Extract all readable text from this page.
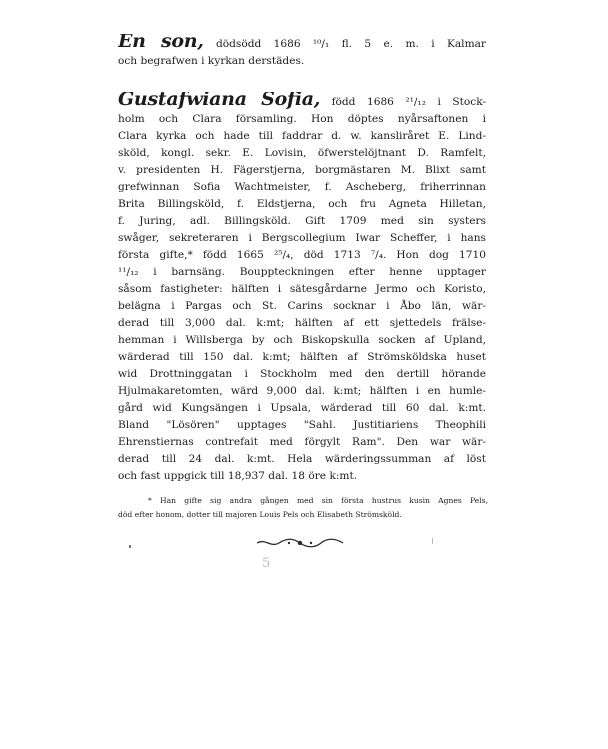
En son, dödsödd 1686 ¹⁰/₁ fl. 5 e. m. i Kalmar
och begrafwen i kyrkan derstädes.
Gustafwiana Sofia, född 1686 ²¹/₁₂ i Stock-
holm och Clara församling. Hon döptes nyårsaftonen i
Clara kyrka och hade till faddrar d. w. kansliråret E. Lind-
sköld, kongl. sekr. E. Lovisin, öfwerstelöjtnant D. Ramfelt,
v. presidenten H. Fägerstjerna, borgmästaren M. Blixt samt
grefwinnan Sofia Wachtmeister, f. Ascheberg, friherrinnan
Brita Billingsköld, f. Eldstjerna, och fru Agneta Hilletan,
f. Juring, adl. Billingsköld. Gift 1709 med sin systers
swåger, sekreteraren i Bergscollegium Iwar Scheffer, i hans
första gifte,* född 1665 ²⁵/₄, död 1713 ⁷/₄. Hon dog 1710
¹¹/₁₂ i barnsäng. Bouppteckningen efter henne upptager
såsom fastigheter: hälften i sätesgårdarne Jermo och Koristo,
belägna i Pargas och St. Carins socknar i Åbo län, wär-
derad till 3,000 dal. k:mt; hälften af ett sjettedels frälse-
hemman i Willsberga by och Biskopskulla socken af Upland,
wärderad till 150 dal. k:mt; hälften af Strömsköldska huset
wid Drottninggatan i Stockholm med den dertill hörande
Hjulmakaretomten, wärd 9,000 dal. k:mt; hälften i en humle-
gård wid Kungsängen i Upsala, wärderad till 60 dal. k:mt.
Bland "Lösören" upptages "Sahl. Justitiariens Theophili
Ehrenstiernas contrefait med förgylt Ram". Den war wär-
derad till 24 dal. k:mt. Hela wärderingssumman af löst
och fast uppgick till 18,937 dal. 18 öre k:mt.
* Han gifte sig andra gången med sin första hustrus kusin Agnes Pels,
död efter honom, dotter till majoren Louis Pels och Elisabeth Strömsköld.
5
